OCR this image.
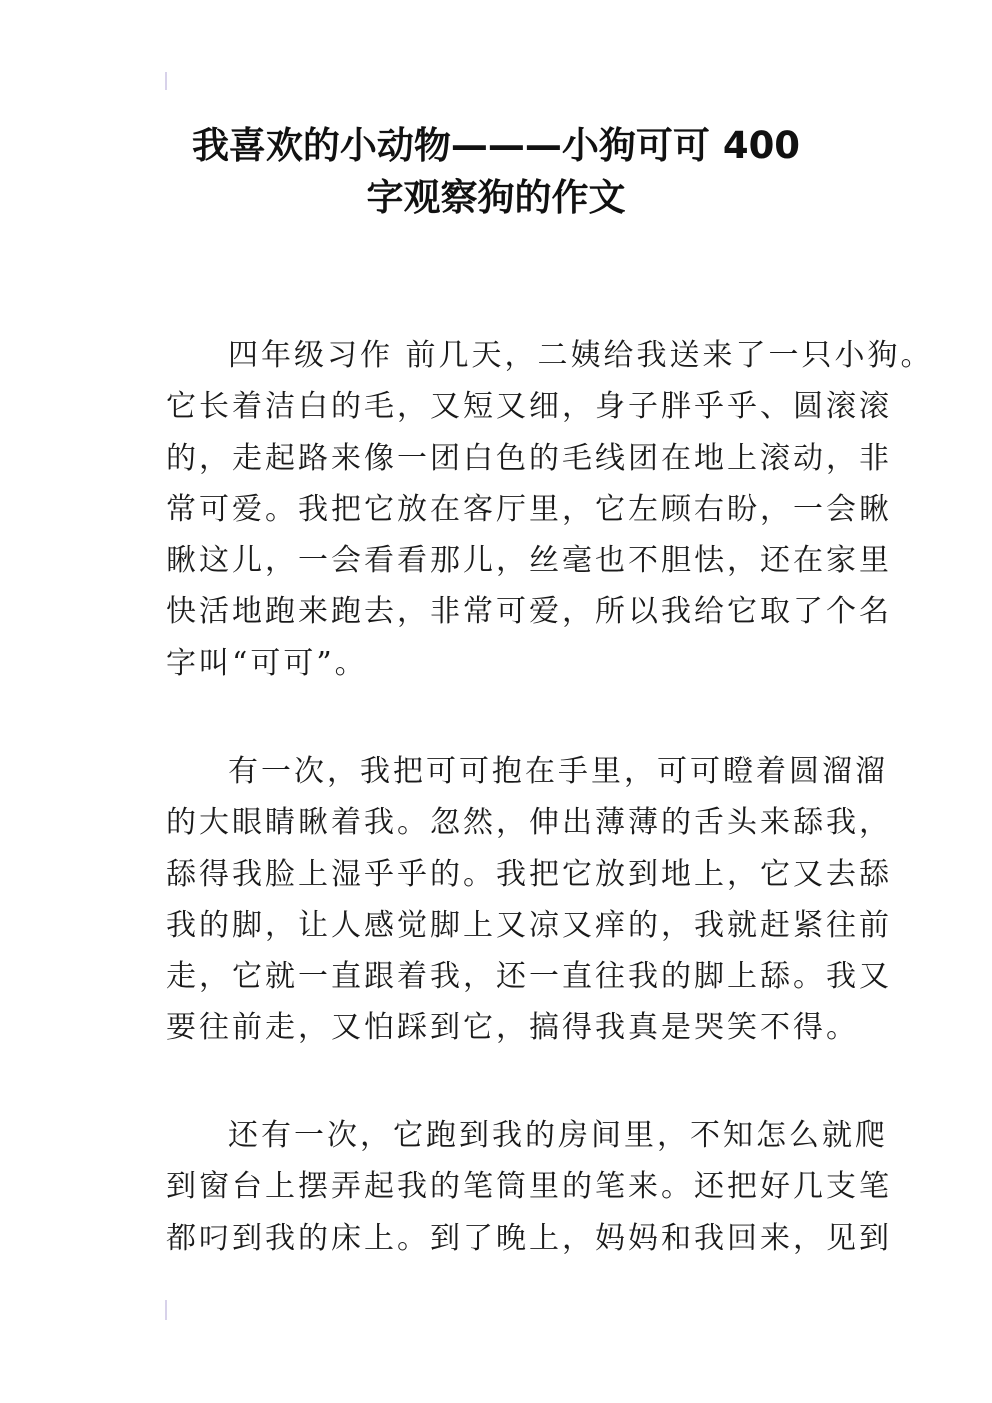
我喜欢的小动物———小狗可可 400
字观察狗的作文

四年级习作 前几天，二姨给我送来了一只小狗。
它长着洁白的毛，又短又细，身子胖乎乎、圆滚滚
的，走起路来像一团白色的毛线团在地上滚动，非
常可爱。我把它放在客厅里，它左顾右盼，一会瞅
瞅这儿，一会看看那儿，丝毫也不胆怯，还在家里
快活地跑来跑去，非常可爱，所以我给它取了个名
字叫“可可”。

有一次，我把可可抱在手里，可可瞪着圆溜溜
的大眼睛瞅着我。忽然，伸出薄薄的舌头来舔我，
舔得我脸上湿乎乎的。我把它放到地上，它又去舔
我的脚，让人感觉脚上又凉又痒的，我就赶紧往前
走，它就一直跟着我，还一直往我的脚上舔。我又
要往前走，又怕踩到它，搞得我真是哭笑不得。

还有一次，它跑到我的房间里，不知怎么就爬
到窗台上摆弄起我的笔筒里的笔来。还把好几支笔
都叼到我的床上。到了晚上，妈妈和我回来，见到
